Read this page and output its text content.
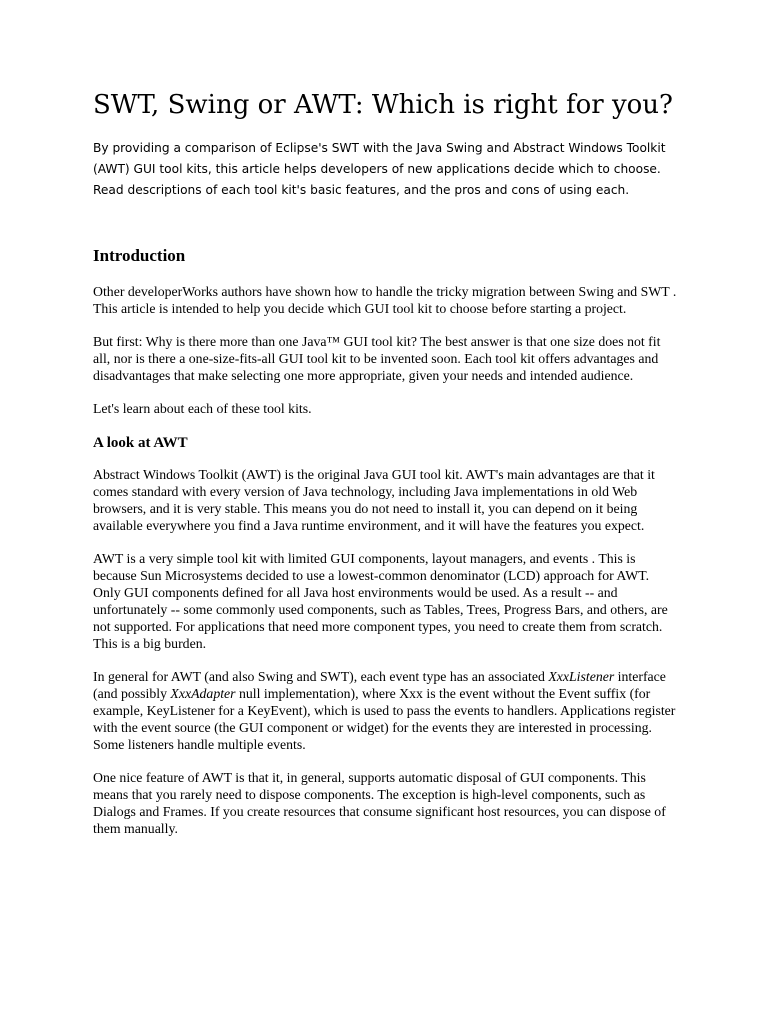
SWT, Swing or AWT: Which is right for you?

By providing a comparison of Eclipse's SWT with the Java Swing and Abstract Windows Toolkit (AWT) GUI tool kits, this article helps developers of new applications decide which to choose. Read descriptions of each tool kit's basic features, and the pros and cons of using each.

Introduction

Other developerWorks authors have shown how to handle the tricky migration between Swing and SWT . This article is intended to help you decide which GUI tool kit to choose before starting a project.

But first: Why is there more than one Java™ GUI tool kit? The best answer is that one size does not fit all, nor is there a one-size-fits-all GUI tool kit to be invented soon. Each tool kit offers advantages and disadvantages that make selecting one more appropriate, given your needs and intended audience.

Let's learn about each of these tool kits.

A look at AWT

Abstract Windows Toolkit (AWT) is the original Java GUI tool kit. AWT's main advantages are that it comes standard with every version of Java technology, including Java implementations in old Web browsers, and it is very stable. This means you do not need to install it, you can depend on it being available everywhere you find a Java runtime environment, and it will have the features you expect.

AWT is a very simple tool kit with limited GUI components, layout managers, and events . This is because Sun Microsystems decided to use a lowest-common denominator (LCD) approach for AWT. Only GUI components defined for all Java host environments would be used. As a result -- and unfortunately -- some commonly used components, such as Tables, Trees, Progress Bars, and others, are not supported. For applications that need more component types, you need to create them from scratch. This is a big burden.

In general for AWT (and also Swing and SWT), each event type has an associated XxxListener interface (and possibly XxxAdapter null implementation), where Xxx is the event without the Event suffix (for example, KeyListener for a KeyEvent), which is used to pass the events to handlers. Applications register with the event source (the GUI component or widget) for the events they are interested in processing. Some listeners handle multiple events.

One nice feature of AWT is that it, in general, supports automatic disposal of GUI components. This means that you rarely need to dispose components. The exception is high-level components, such as Dialogs and Frames. If you create resources that consume significant host resources, you can dispose of them manually.
